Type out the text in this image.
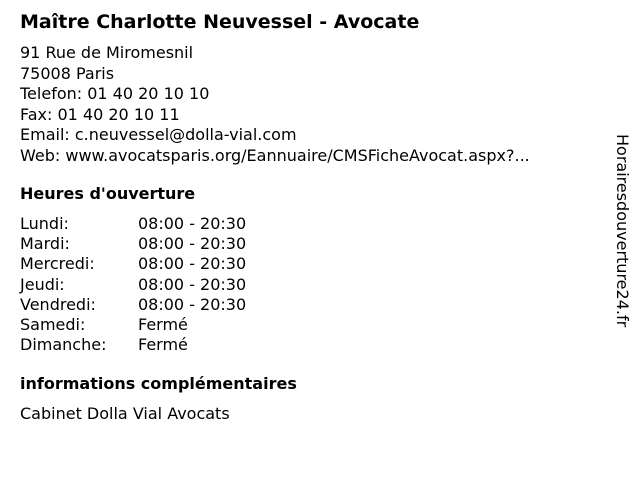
Maître Charlotte Neuvessel - Avocate
91 Rue de Miromesnil
75008 Paris
Telefon: 01 40 20 10 10
Fax: 01 40 20 10 11
Email: c.neuvessel@dolla-vial.com
Web: www.avocatsparis.org/Eannuaire/CMSFicheAvocat.aspx?...
Heures d'ouverture
Lundi:	08:00 - 20:30
Mardi:	08:00 - 20:30
Mercredi:	08:00 - 20:30
Jeudi:	08:00 - 20:30
Vendredi:	08:00 - 20:30
Samedi:	Fermé
Dimanche:	Fermé
informations complémentaires
Cabinet Dolla Vial Avocats
Horairesdouverture24.fr
